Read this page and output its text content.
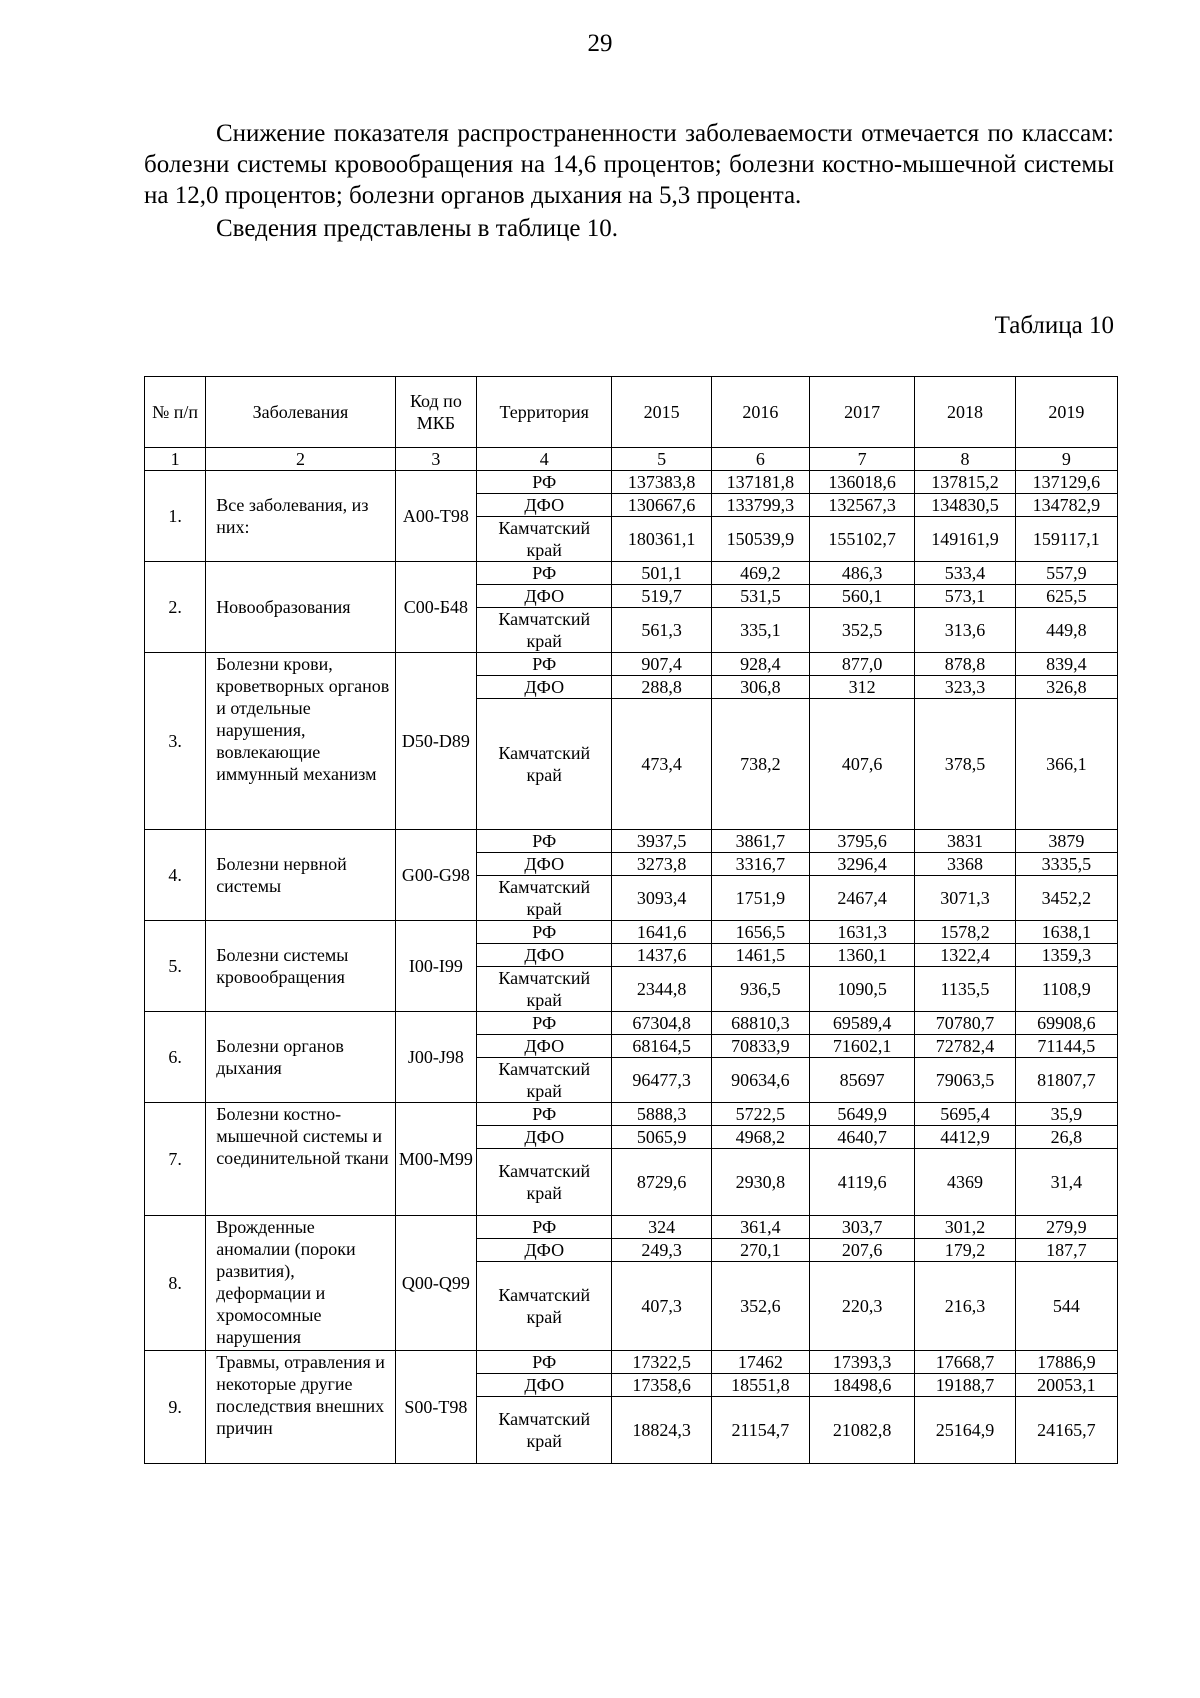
29

Снижение показателя распространенности заболеваемости отмечается по классам: болезни системы кровообращения на 14,6 процентов; болезни костно-мышечной системы на 12,0 процентов; болезни органов дыхания на 5,3 процента.

Сведения представлены в таблице 10.

Таблица 10
№ п/п	Заболевания	Код по МКБ	Территория	2015	2016	2017	2018	2019
1	2	3	4	5	6	7	8	9
1.	Все заболевания, из них:	A00-T98	РФ	137383,8	137181,8	136018,6	137815,2	137129,6
			ДФО	130667,6	133799,3	132567,3	134830,5	134782,9
			Камчатский край	180361,1	150539,9	155102,7	149161,9	159117,1
2.	Новообразования	C00-Б48	РФ	501,1	469,2	486,3	533,4	557,9
			ДФО	519,7	531,5	560,1	573,1	625,5
			Камчатский край	561,3	335,1	352,5	313,6	449,8
3.	Болезни крови, кроветворных органов и отдельные нарушения, вовлекающие иммунный механизм	D50-D89	РФ	907,4	928,4	877,0	878,8	839,4
			ДФО	288,8	306,8	312	323,3	326,8
			Камчатский край	473,4	738,2	407,6	378,5	366,1
4.	Болезни нервной системы	G00-G98	РФ	3937,5	3861,7	3795,6	3831	3879
			ДФО	3273,8	3316,7	3296,4	3368	3335,5
			Камчатский край	3093,4	1751,9	2467,4	3071,3	3452,2
5.	Болезни системы кровообращения	I00-I99	РФ	1641,6	1656,5	1631,3	1578,2	1638,1
			ДФО	1437,6	1461,5	1360,1	1322,4	1359,3
			Камчатский край	2344,8	936,5	1090,5	1135,5	1108,9
6.	Болезни органов дыхания	J00-J98	РФ	67304,8	68810,3	69589,4	70780,7	69908,6
			ДФО	68164,5	70833,9	71602,1	72782,4	71144,5
			Камчатский край	96477,3	90634,6	85697	79063,5	81807,7
7.	Болезни костно-мышечной системы и соединительной ткани	M00-M99	РФ	5888,3	5722,5	5649,9	5695,4	35,9
			ДФО	5065,9	4968,2	4640,7	4412,9	26,8
			Камчатский край	8729,6	2930,8	4119,6	4369	31,4
8.	Врожденные аномалии (пороки развития), деформации и хромосомные нарушения	Q00-Q99	РФ	324	361,4	303,7	301,2	279,9
			ДФО	249,3	270,1	207,6	179,2	187,7
			Камчатский край	407,3	352,6	220,3	216,3	544
9.	Травмы, отравления и некоторые другие последствия внешних причин	S00-T98	РФ	17322,5	17462	17393,3	17668,7	17886,9
			ДФО	17358,6	18551,8	18498,6	19188,7	20053,1
			Камчатский край	18824,3	21154,7	21082,8	25164,9	24165,7
